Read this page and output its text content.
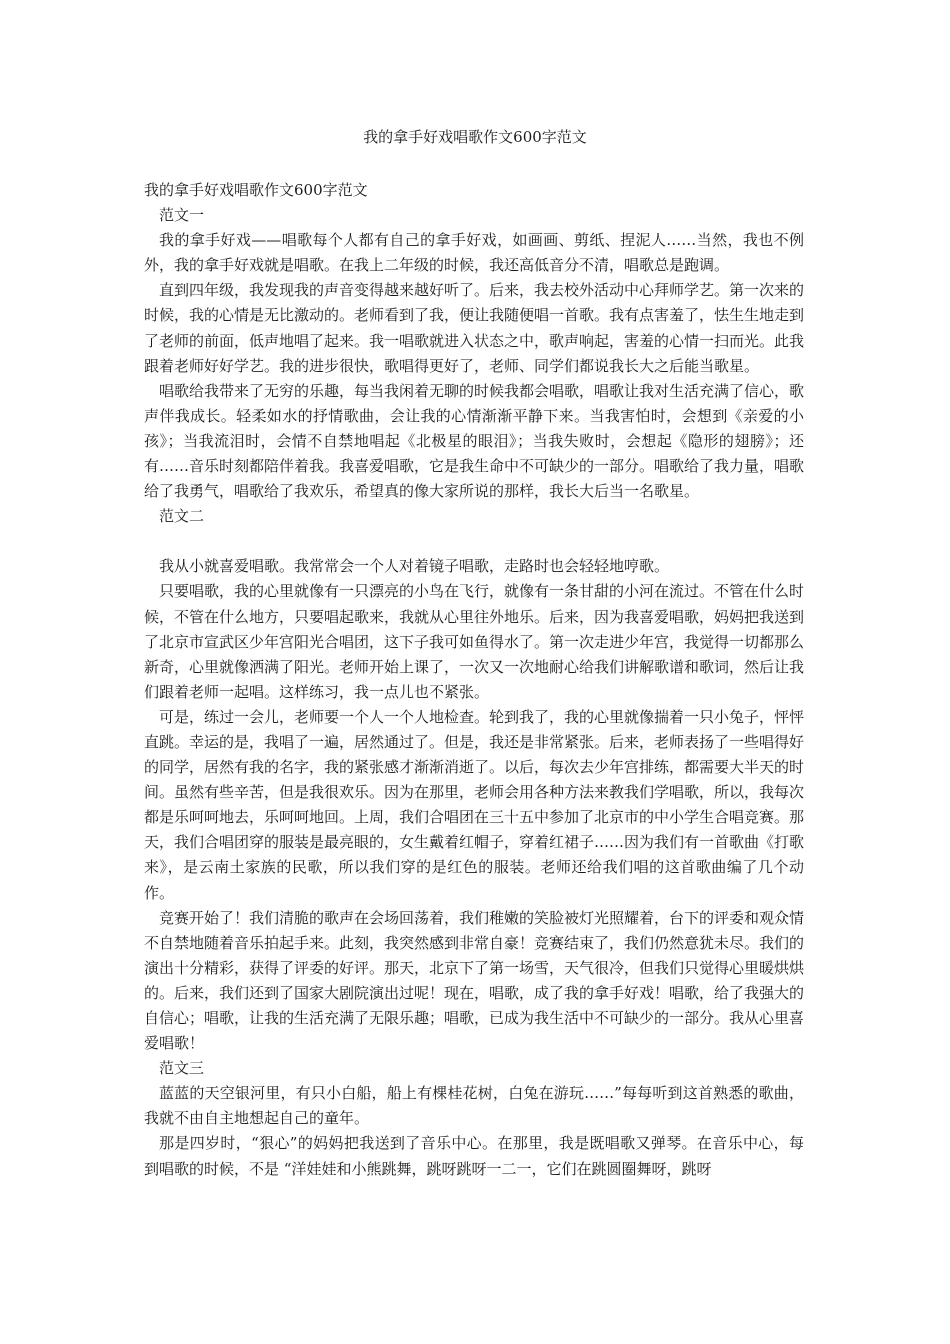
我的拿手好戏唱歌作文600字范文

我的拿手好戏唱歌作文600字范文

范文一

我的拿手好戏——唱歌每个人都有自己的拿手好戏，如画画、剪纸、捏泥人……当然，我也不例外，我的拿手好戏就是唱歌。在我上二年级的时候，我还高低音分不清，唱歌总是跑调。

直到四年级，我发现我的声音变得越来越好听了。后来，我去校外活动中心拜师学艺。第一次来的时候，我的心情是无比激动的。老师看到了我，便让我随便唱一首歌。我有点害羞了，怯生生地走到了老师的前面，低声地唱了起来。我一唱歌就进入状态之中，歌声响起，害羞的心情一扫而光。此我跟着老师好好学艺。我的进步很快，歌唱得更好了，老师、同学们都说我长大之后能当歌星。

唱歌给我带来了无穷的乐趣，每当我闲着无聊的时候我都会唱歌，唱歌让我对生活充满了信心，歌声伴我成长。轻柔如水的抒情歌曲，会让我的心情渐渐平静下来。当我害怕时，会想到《亲爱的小孩》；当我流泪时，会情不自禁地唱起《北极星的眼泪》；当我失败时，会想起《隐形的翅膀》；还有……音乐时刻都陪伴着我。我喜爱唱歌，它是我生命中不可缺少的一部分。唱歌给了我力量，唱歌给了我勇气，唱歌给了我欢乐，希望真的像大家所说的那样，我长大后当一名歌星。

范文二

我从小就喜爱唱歌。我常常会一个人对着镜子唱歌，走路时也会轻轻地哼歌。

只要唱歌，我的心里就像有一只漂亮的小鸟在飞行，就像有一条甘甜的小河在流过。不管在什么时候，不管在什么地方，只要唱起歌来，我就从心里往外地乐。后来，因为我喜爱唱歌，妈妈把我送到了北京市宣武区少年宫阳光合唱团，这下子我可如鱼得水了。第一次走进少年宫，我觉得一切都那么新奇，心里就像洒满了阳光。老师开始上课了，一次又一次地耐心给我们讲解歌谱和歌词，然后让我们跟着老师一起唱。这样练习，我一点儿也不紧张。

可是，练过一会儿，老师要一个人一个人地检查。轮到我了，我的心里就像揣着一只小兔子，怦怦直跳。幸运的是，我唱了一遍，居然通过了。但是，我还是非常紧张。后来，老师表扬了一些唱得好的同学，居然有我的名字，我的紧张感才渐渐消逝了。以后，每次去少年宫排练，都需要大半天的时间。虽然有些辛苦，但是我很欢乐。因为在那里，老师会用各种方法来教我们学唱歌，所以，我每次都是乐呵呵地去，乐呵呵地回。上周，我们合唱团在三十五中参加了北京市的中小学生合唱竞赛。那天，我们合唱团穿的服装是最亮眼的，女生戴着红帽子，穿着红裙子……因为我们有一首歌曲《打歌来》，是云南土家族的民歌，所以我们穿的是红色的服装。老师还给我们唱的这首歌曲编了几个动作。

竞赛开始了！我们清脆的歌声在会场回荡着，我们稚嫩的笑脸被灯光照耀着，台下的评委和观众情不自禁地随着音乐拍起手来。此刻，我突然感到非常自豪！竞赛结束了，我们仍然意犹未尽。我们的演出十分精彩，获得了评委的好评。那天，北京下了第一场雪，天气很冷，但我们只觉得心里暖烘烘的。后来，我们还到了国家大剧院演出过呢！现在，唱歌，成了我的拿手好戏！唱歌，给了我强大的自信心；唱歌，让我的生活充满了无限乐趣；唱歌，已成为我生活中不可缺少的一部分。我从心里喜爱唱歌！

范文三

蓝蓝的天空银河里，有只小白船，船上有棵桂花树，白兔在游玩……”每每听到这首熟悉的歌曲，我就不由自主地想起自己的童年。

那是四岁时，“狠心”的妈妈把我送到了音乐中心。在那里，我是既唱歌又弹琴。在音乐中心，每到唱歌的时候，不是 “洋娃娃和小熊跳舞，跳呀跳呀一二一，它们在跳圆圈舞呀，跳呀
